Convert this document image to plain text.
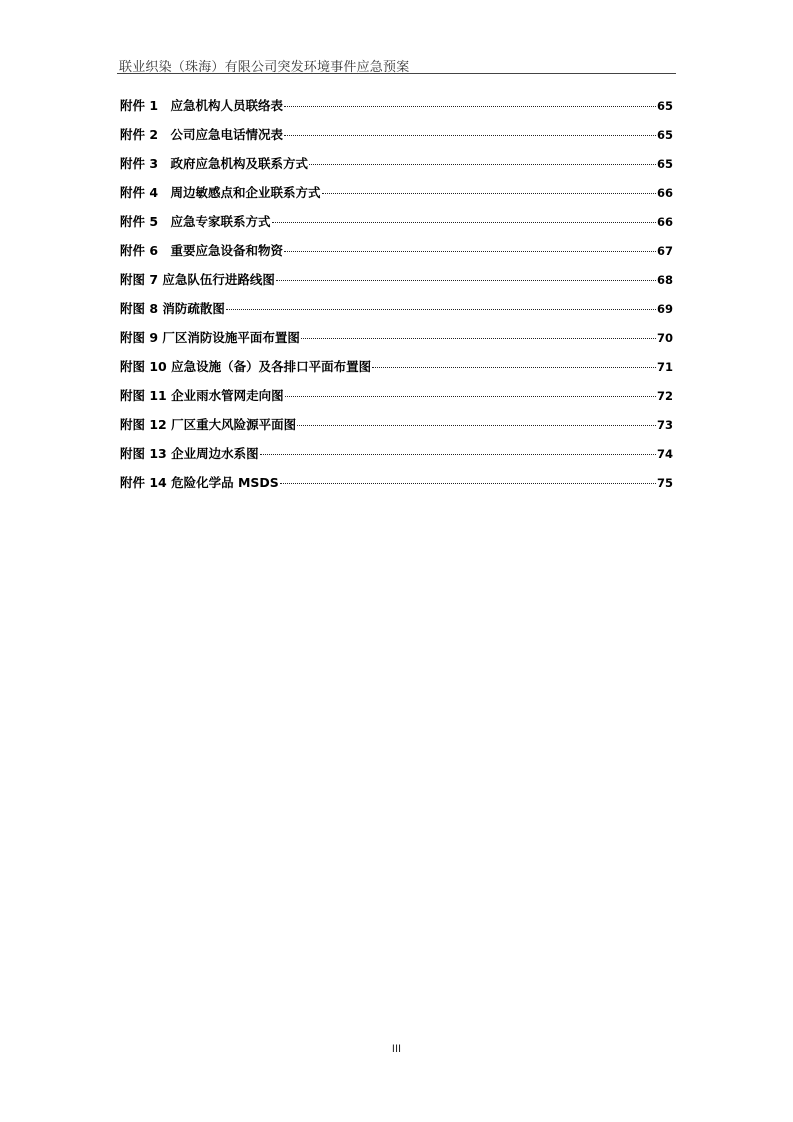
联业织染（珠海）有限公司突发环境事件应急预案
附件 1　应急机构人员联络表	65
附件 2　公司应急电话情况表	65
附件 3　政府应急机构及联系方式	65
附件 4　周边敏感点和企业联系方式	66
附件 5　应急专家联系方式	66
附件 6　重要应急设备和物资	67
附图 7 应急队伍行进路线图	68
附图 8 消防疏散图	69
附图 9 厂区消防设施平面布置图	70
附图 10 应急设施（备）及各排口平面布置图	71
附图 11 企业雨水管网走向图	72
附图 12 厂区重大风险源平面图	73
附图 13 企业周边水系图	74
附件 14 危险化学品 MSDS	75
III
